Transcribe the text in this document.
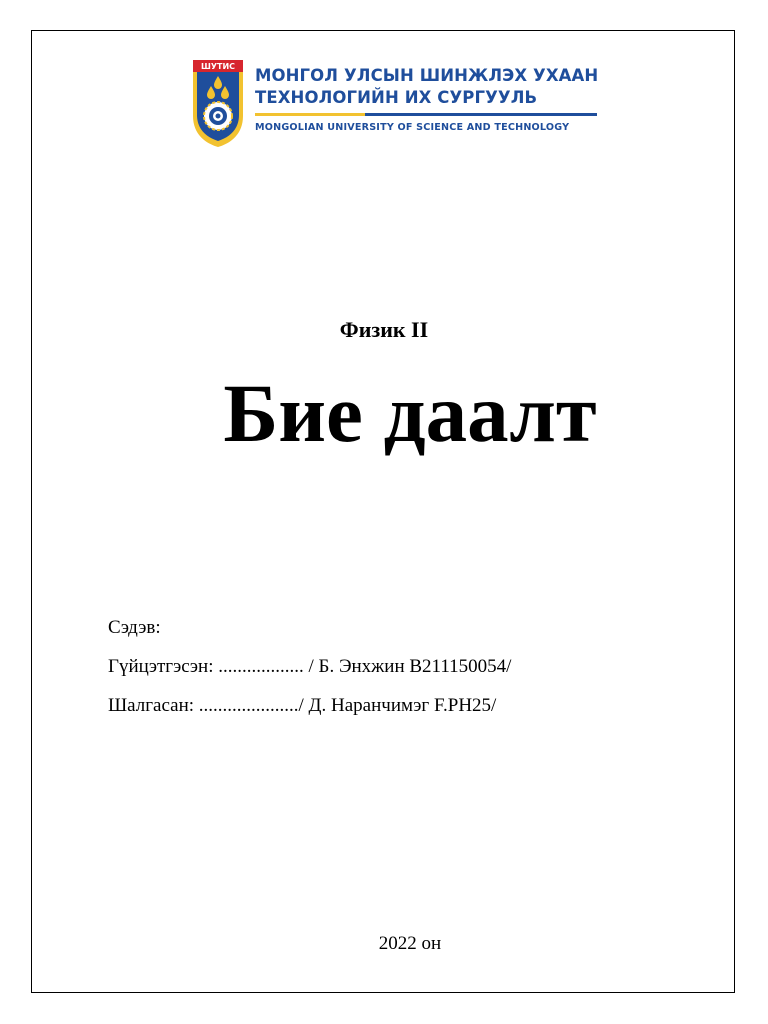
ШУТИС МОНГОЛ УЛСЫН ШИНЖЛЭХ УХААН
ТЕХНОЛОГИЙН ИХ СУРГУУЛЬ
MONGOLIAN UNIVERSITY OF SCIENCE AND TECHNOLOGY
Физик II
Бие даалт
Сэдэв:
Гүйцэтгэсэн: .................. / Б. Энхжин B211150054/
Шалгасан: ...................../ Д. Наранчимэг F.PH25/
2022 он
